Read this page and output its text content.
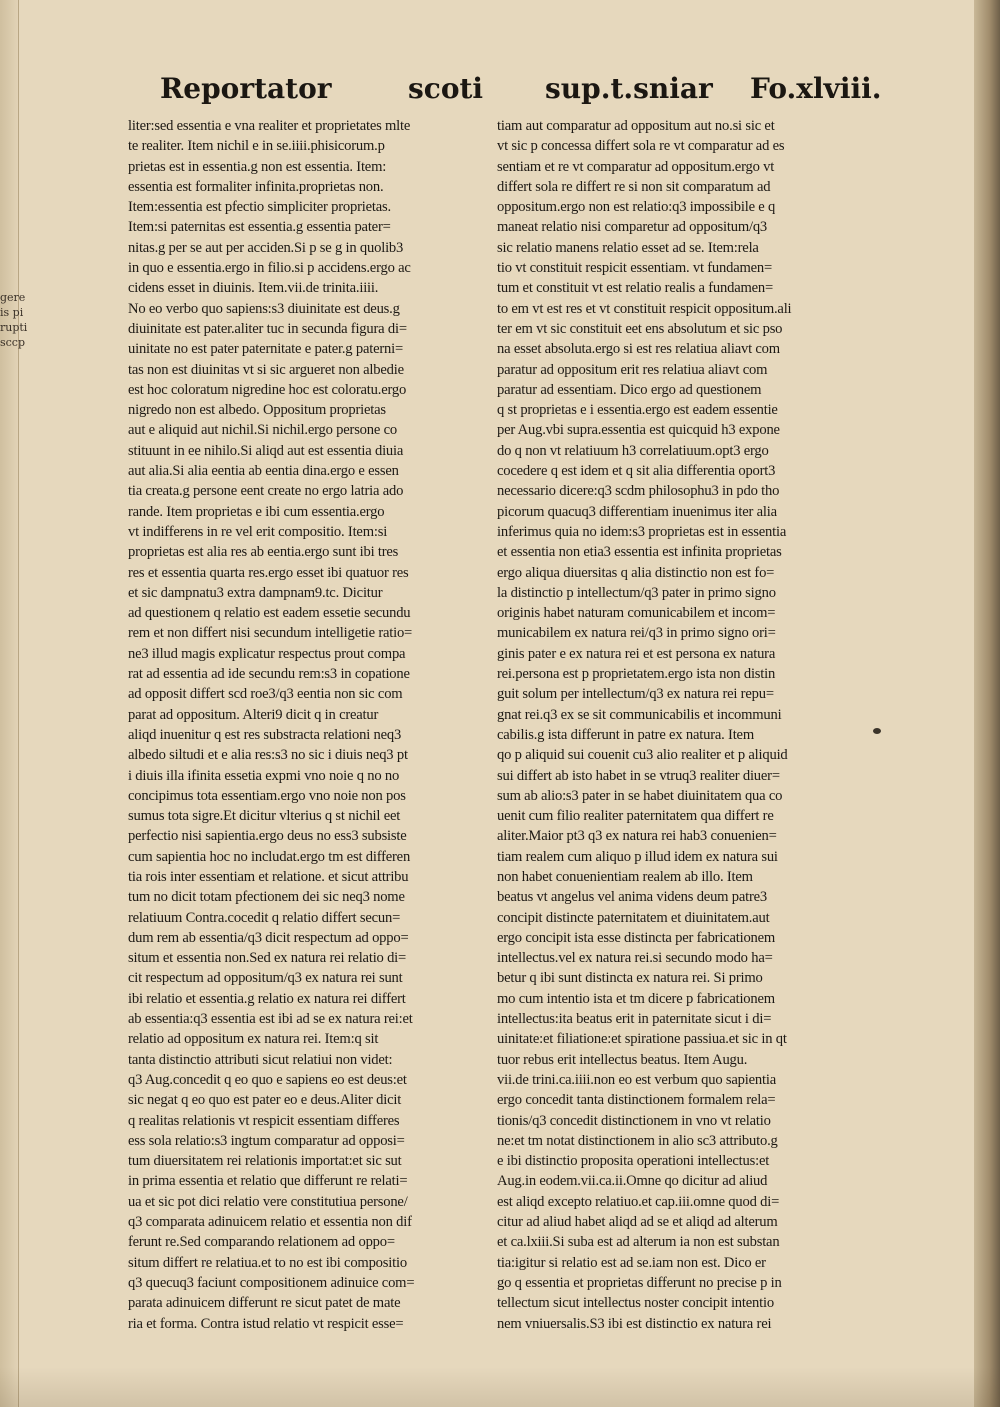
gere
is pi
rupti
sccp
Reportator	scoti sup.t.sniar Fo.xlviii.
liter:sed essentia e vna realiter et proprietates mlte
te realiter. Item nichil e in se.iiii.phisicorum.p
prietas est in essentia.g non est essentia. Item:
essentia est formaliter infinita.proprietas non.
Item:essentia est pfectio simpliciter proprietas.
Item:si paternitas est essentia.g essentia pater=
nitas.g per se aut per acciden.Si p se g in quolib3
in quo e essentia.ergo in filio.si p accidens.ergo ac
cidens esset in diuinis. Item.vii.de trinita.iiii.
No eo verbo quo sapiens:s3 diuinitate est deus.g
diuinitate est pater.aliter tuc in secunda figura di=
uinitate no est pater paternitate e pater.g paterni=
tas non est diuinitas vt si sic argueret non albedie
est hoc coloratum nigredine hoc est coloratu.ergo
nigredo non est albedo. Oppositum proprietas
aut e aliquid aut nichil.Si nichil.ergo persone co
stituunt in ee nihilo.Si aliqd aut est essentia diuia
aut alia.Si alia eentia ab eentia dina.ergo e essen
tia creata.g persone eent create no ergo latria ado
rande. Item proprietas e ibi cum essentia.ergo
vt indifferens in re vel erit compositio. Item:si
proprietas est alia res ab eentia.ergo sunt ibi tres
res et essentia quarta res.ergo esset ibi quatuor res
et sic dampnatu3 extra dampnam9.tc. Dicitur
ad questionem q relatio est eadem essetie secundu
rem et non differt nisi secundum intelligetie ratio=
ne3 illud magis explicatur respectus prout compa
rat ad essentia ad ide secundu rem:s3 in copatione
ad opposit differt scd roe3/q3 eentia non sic com
parat ad oppositum. Alteri9 dicit q in creatur
aliqd inuenitur q est res substracta relationi neq3
albedo siltudi et e alia res:s3 no sic i diuis neq3 pt
i diuis illa ifinita essetia expmi vno noie q no no
concipimus tota essentiam.ergo vno noie non pos
sumus tota sigre.Et dicitur vlterius q st nichil eet
perfectio nisi sapientia.ergo deus no ess3 subsiste
cum sapientia hoc no includat.ergo tm est differen
tia rois inter essentiam et relatione. et sicut attribu
tum no dicit totam pfectionem dei sic neq3 nome
relatiuum Contra.cocedit q relatio differt secun=
dum rem ab essentia/q3 dicit respectum ad oppo=
situm et essentia non.Sed ex natura rei relatio di=
cit respectum ad oppositum/q3 ex natura rei sunt
ibi relatio et essentia.g relatio ex natura rei differt
ab essentia:q3 essentia est ibi ad se ex natura rei:et
relatio ad oppositum ex natura rei. Item:q sit
tanta distinctio attributi sicut relatiui non videt:
q3 Aug.concedit q eo quo e sapiens eo est deus:et
sic negat q eo quo est pater eo e deus.Aliter dicit
q realitas relationis vt respicit essentiam differes
ess sola relatio:s3 ingtum comparatur ad opposi=
tum diuersitatem rei relationis importat:et sic sut
in prima essentia et relatio que differunt re relati=
ua et sic pot dici relatio vere constitutiua persone/
q3 comparata adinuicem relatio et essentia non dif
ferunt re.Sed comparando relationem ad oppo=
situm differt re relatiua.et to no est ibi compositio
q3 quecuq3 faciunt compositionem adinuice com=
parata adinuicem differunt re sicut patet de mate
ria et forma. Contra istud relatio vt respicit esse=
tiam aut comparatur ad oppositum aut no.si sic et
vt sic p concessa differt sola re vt comparatur ad es
sentiam et re vt comparatur ad oppositum.ergo vt
differt sola re differt re si non sit comparatum ad
oppositum.ergo non est relatio:q3 impossibile e q
maneat relatio nisi comparetur ad oppositum/q3
sic relatio manens relatio esset ad se. Item:rela
tio vt constituit respicit essentiam. vt fundamen=
tum et constituit vt est relatio realis a fundamen=
to em vt est res et vt constituit respicit oppositum.ali
ter em vt sic constituit eet ens absolutum et sic pso
na esset absoluta.ergo si est res relatiua aliavt com
paratur ad oppositum erit res relatiua aliavt com
paratur ad essentiam. Dico ergo ad questionem
q st proprietas e i essentia.ergo est eadem essentie
per Aug.vbi supra.essentia est quicquid h3 expone
do q non vt relatiuum h3 correlatiuum.opt3 ergo
cocedere q est idem et q sit alia differentia oport3
necessario dicere:q3 scdm philosophu3 in pdo tho
picorum quacuq3 differentiam inuenimus iter alia
inferimus quia no idem:s3 proprietas est in essentia
et essentia non etia3 essentia est infinita proprietas
ergo aliqua diuersitas q alia distinctio non est fo=
la distinctio p intellectum/q3 pater in primo signo
originis habet naturam comunicabilem et incom=
municabilem ex natura rei/q3 in primo signo ori=
ginis pater e ex natura rei et est persona ex natura
rei.persona est p proprietatem.ergo ista non distin
guit solum per intellectum/q3 ex natura rei repu=
gnat rei.q3 ex se sit communicabilis et incommuni
cabilis.g ista differunt in patre ex natura. Item
qo p aliquid sui couenit cu3 alio realiter et p aliquid
sui differt ab isto habet in se vtruq3 realiter diuer=
sum ab alio:s3 pater in se habet diuinitatem qua co
uenit cum filio realiter paternitatem qua differt re
aliter.Maior pt3 q3 ex natura rei hab3 conuenien=
tiam realem cum aliquo p illud idem ex natura sui
non habet conuenientiam realem ab illo. Item
beatus vt angelus vel anima videns deum patre3
concipit distincte paternitatem et diuinitatem.aut
ergo concipit ista esse distincta per fabricationem
intellectus.vel ex natura rei.si secundo modo ha=
betur q ibi sunt distincta ex natura rei. Si primo
mo cum intentio ista et tm dicere p fabricationem
intellectus:ita beatus erit in paternitate sicut i di=
uinitate:et filiatione:et spiratione passiua.et sic in qt
tuor rebus erit intellectus beatus. Item Augu.
vii.de trini.ca.iiii.non eo est verbum quo sapientia
ergo concedit tanta distinctionem formalem rela=
tionis/q3 concedit distinctionem in vno vt relatio
ne:et tm notat distinctionem in alio sc3 attributo.g
e ibi distinctio proposita operationi intellectus:et
Aug.in eodem.vii.ca.ii.Omne qo dicitur ad aliud
est aliqd excepto relatiuo.et cap.iii.omne quod di=
citur ad aliud habet aliqd ad se et aliqd ad alterum
et ca.lxiii.Si suba est ad alterum ia non est substan
tia:igitur si relatio est ad se.iam non est. Dico er
go q essentia et proprietas differunt no precise p in
tellectum sicut intellectus noster concipit intentio
nem vniuersalis.S3 ibi est distinctio ex natura rei
